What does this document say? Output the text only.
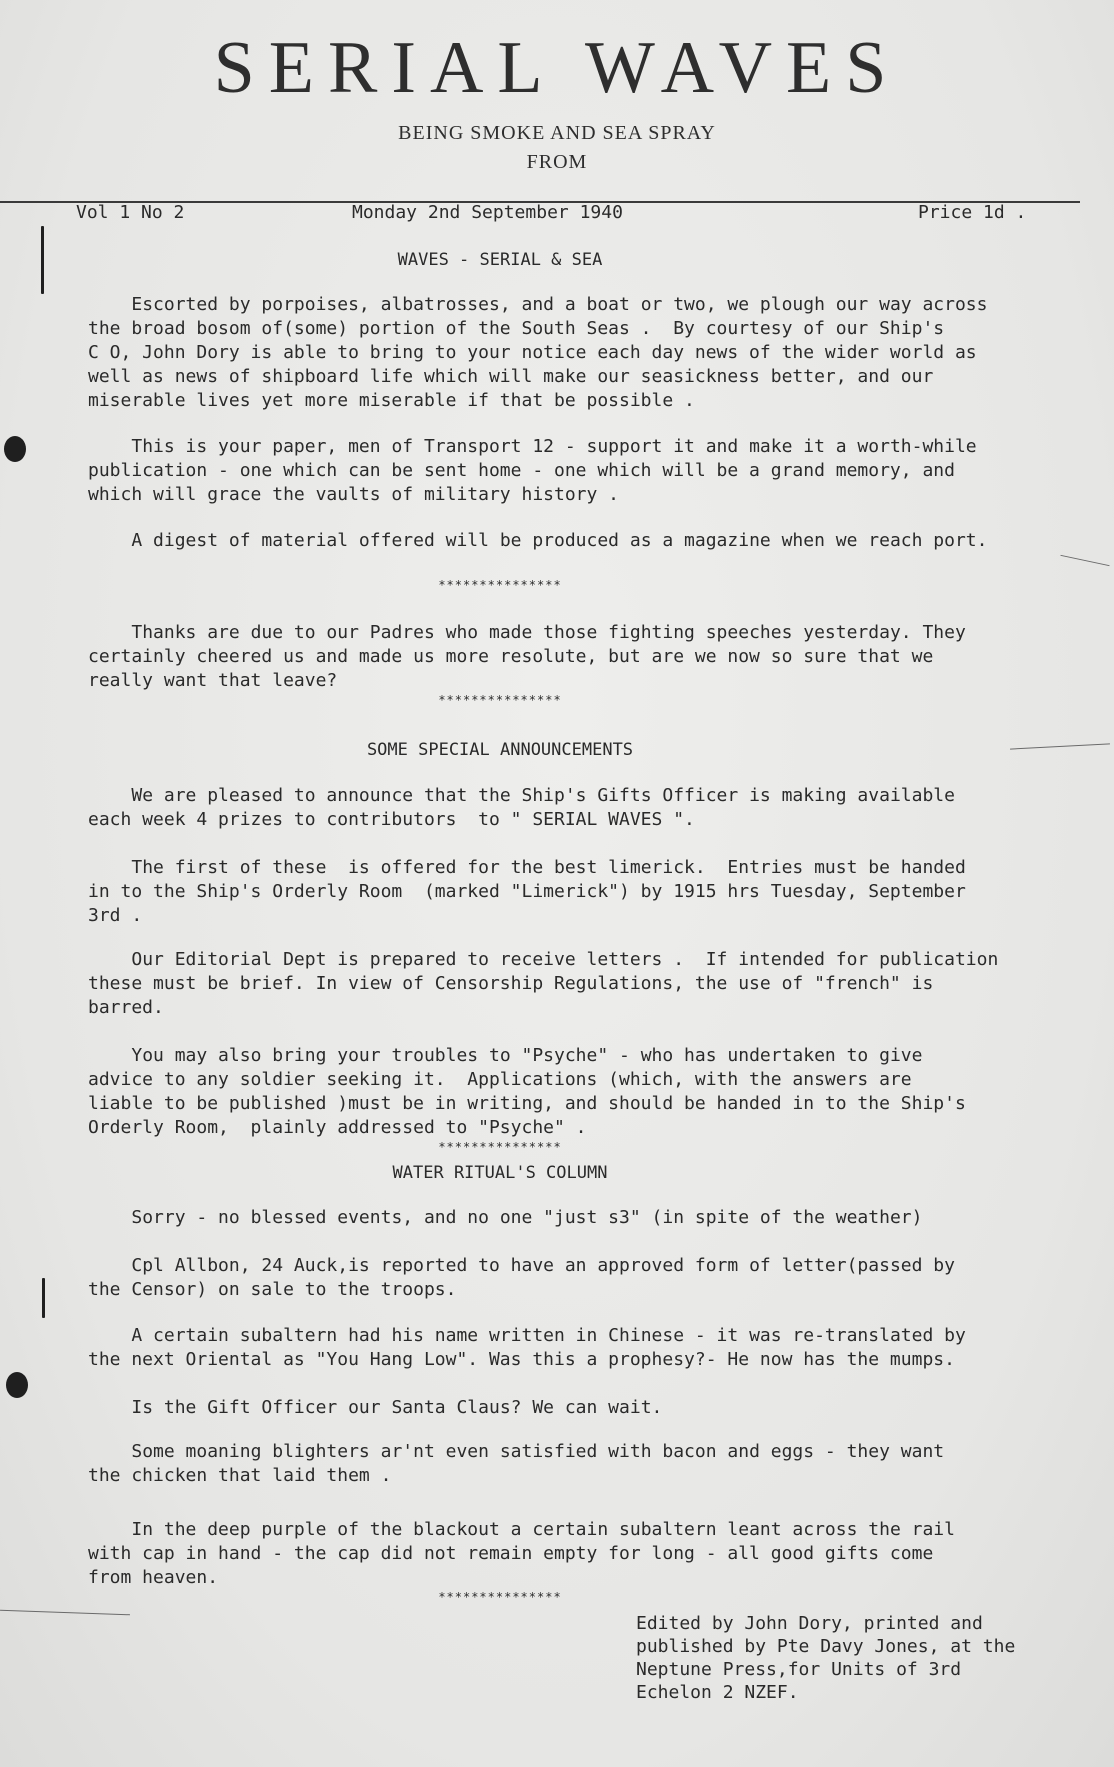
SERIAL WAVES
BEING SMOKE AND SEA SPRAY
FROM
Vol 1 No 2	Monday 2nd September 1940	Price 1d .
WAVES - SERIAL & SEA
Escorted by porpoises, albatrosses, and a boat or two, we plough our way across
the broad bosom of(some) portion of the South Seas .  By courtesy of our Ship's
C O, John Dory is able to bring to your notice each day news of the wider world as
well as news of shipboard life which will make our seasickness better, and our
miserable lives yet more miserable if that be possible .
This is your paper, men of Transport 12 - support it and make it a worth-while
publication - one which can be sent home - one which will be a grand memory, and
which will grace the vaults of military history .
A digest of material offered will be produced as a magazine when we reach port.
***************
Thanks are due to our Padres who made those fighting speeches yesterday. They
certainly cheered us and made us more resolute, but are we now so sure that we
really want that leave?
***************
SOME SPECIAL ANNOUNCEMENTS
We are pleased to announce that the Ship's Gifts Officer is making available
each week 4 prizes to contributors  to " SERIAL WAVES ".
The first of these  is offered for the best limerick.  Entries must be handed
in to the Ship's Orderly Room  (marked "Limerick") by 1915 hrs Tuesday, September
3rd .
Our Editorial Dept is prepared to receive letters .  If intended for publication
these must be brief. In view of Censorship Regulations, the use of "french" is
barred.
You may also bring your troubles to "Psyche" - who has undertaken to give
advice to any soldier seeking it.  Applications (which, with the answers are
liable to be published )must be in writing, and should be handed in to the Ship's
Orderly Room,  plainly addressed to "Psyche" .
***************
WATER RITUAL'S COLUMN
Sorry - no blessed events, and no one "just s3" (in spite of the weather)
Cpl Allbon, 24 Auck,is reported to have an approved form of letter(passed by
the Censor) on sale to the troops.
A certain subaltern had his name written in Chinese - it was re-translated by
the next Oriental as "You Hang Low". Was this a prophesy?- He now has the mumps.
Is the Gift Officer our Santa Claus? We can wait.
Some moaning blighters ar'nt even satisfied with bacon and eggs - they want
the chicken that laid them .
In the deep purple of the blackout a certain subaltern leant across the rail
with cap in hand - the cap did not remain empty for long - all good gifts come
from heaven.
***************
Edited by John Dory, printed and
published by Pte Davy Jones, at the
Neptune Press,for Units of 3rd
Echelon 2 NZEF.
